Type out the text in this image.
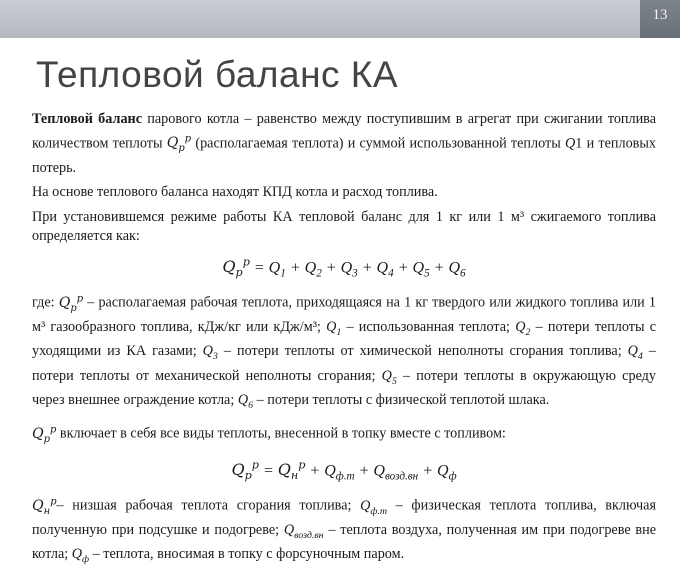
13
Тепловой баланс КА

Тепловой баланс парового котла – равенство между поступившим в агрегат при сжигании топлива количеством теплоты $Q_р^р$ (располагаемая теплота) и суммой использованной теплоты Q1 и тепловых потерь.

На основе теплового баланса находят КПД котла и расход топлива.

При установившемся режиме работы КА тепловой баланс для 1 кг или 1 м³ сжигаемого топлива определяется как:

$Q_р^р = Q_1 + Q_2 + Q_3 + Q_4 + Q_5 + Q_6$

где: $Q_р^р$ – располагаемая рабочая теплота, приходящаяся на 1 кг твердого или жидкого топлива или 1 м³ газообразного топлива, кДж/кг или кДж/м³; $Q_1$ – использованная теплота; $Q_2$ – потери теплоты с уходящими из КА газами; $Q_3$ – потери теплоты от химической неполноты сгорания топлива; $Q_4$ – потери теплоты от механической неполноты сгорания; $Q_5$ – потери теплоты в окружающую среду через внешнее ограждение котла; $Q_6$ – потери теплоты с физической теплотой шлака.

$Q_р^р$ включает в себя все виды теплоты, внесенной в топку вместе с топливом:

$Q_р^р = Q_н^р + Q_{ф.т} + Q_{возд.вн} + Q_ф$

$Q_н^р-$ низшая рабочая теплота сгорания топлива; $Q_{ф.т}$ – физическая теплота топлива, включая полученную при подсушке и подогреве; $Q_{возд.вн}$ – теплота воздуха, полученная им при подогреве вне котла; $Q_ф$ – теплота, вносимая в топку с форсуночным паром.
